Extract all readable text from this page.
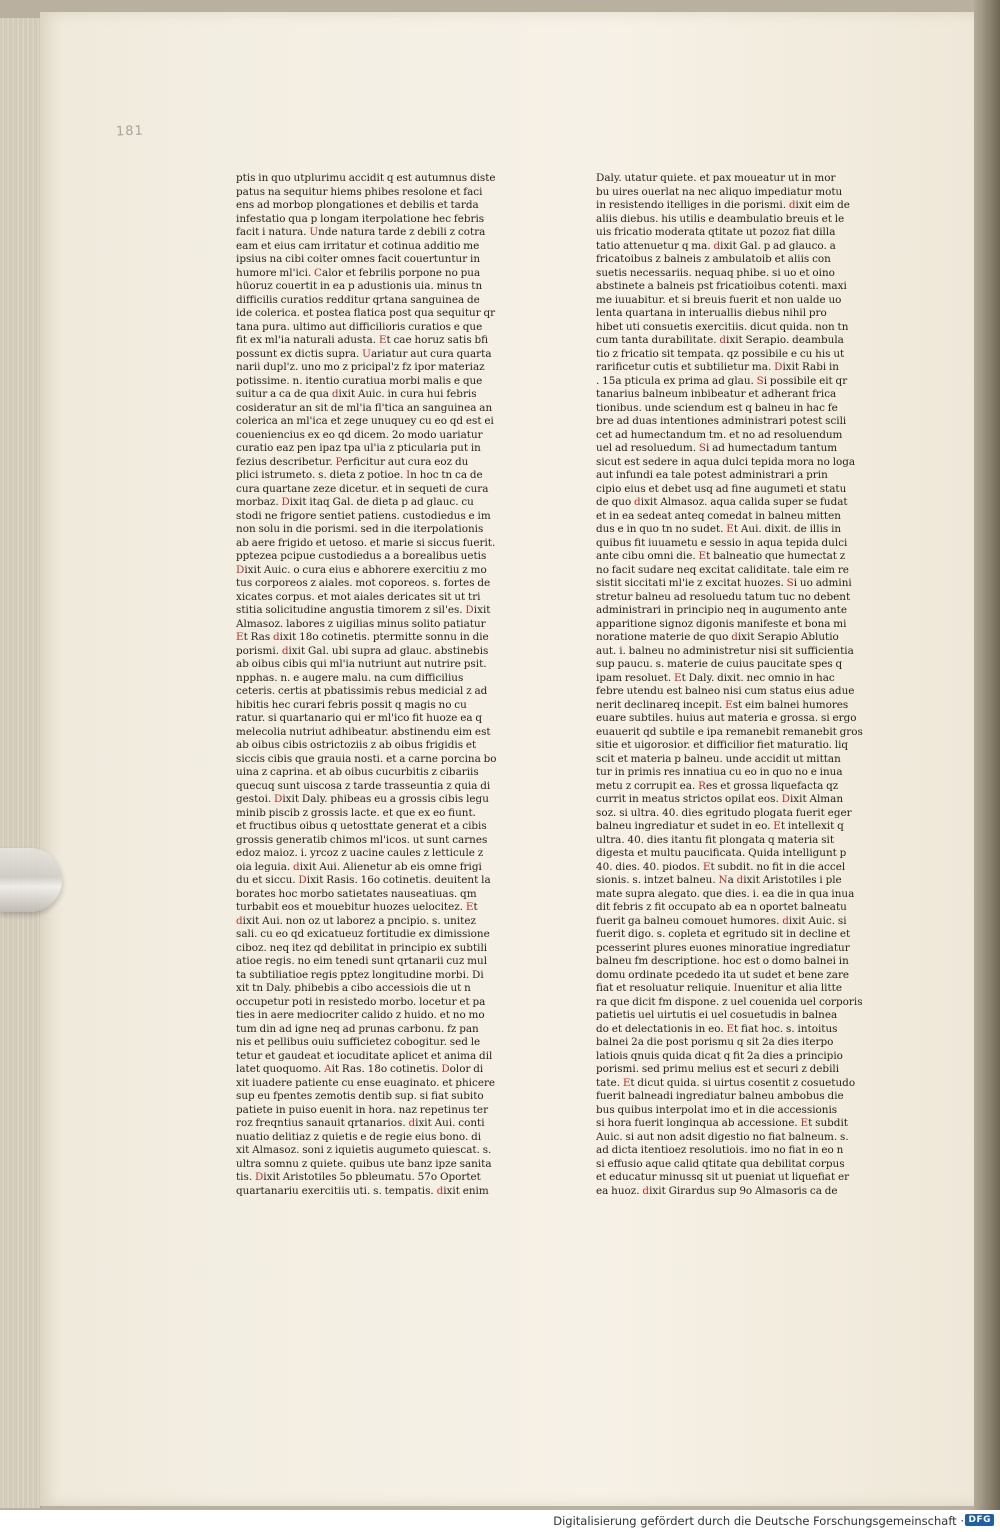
181
ptis in quo utplurimu accidit q est autumnus diste
patus na sequitur hiems phibes resolone et faci
ens ad morbop plongationes et debilis et tarda
infestatio qua p longam iterpolatione hec febris
facit i natura. Unde natura tarde z debili z cotra
eam et eius cam irritatur et cotinua additio me
ipsius na cibi coiter omnes facit couertuntur in
humore ml'ici. Calor et febrilis porpone no pua
hüoruz couertit in ea p adustionis uia. minus tn
difficilis curatios redditur qrtana sanguinea de
ide colerica. et postea flatica post qua sequitur qr
tana pura. ultimo aut difficilioris curatios e que
fit ex ml'ia naturali adusta. Et cae horuz satis bfi
possunt ex dictis supra. Uariatur aut cura quarta
narii dupl'z. uno mo z pricipal'z fz ipor materiaz
potissime. n. itentio curatiua morbi malis e que
suitur a ca de qua dixit Auic. in cura hui febris
cosideratur an sit de ml'ia fl'tica an sanguinea an
colerica an ml'ica et zege unuquey cu eo qd est ei
coueniencius ex eo qd dicem. 2o modo uariatur
curatio eaz pen ipaz tpa ul'ia z pticularia put in
fezius describetur. Perficitur aut cura eoz du
plici istrumeto. s. dieta z potioe. In hoc tn ca de
cura quartane zeze dicetur. et in sequeti de cura
morbaz. Dixit itaq Gal. de dieta p ad glauc. cu
stodi ne frigore sentiet patiens. custodiedus e im
non solu in die porismi. sed in die iterpolationis
ab aere frigido et uetoso. et marie si siccus fuerit.
pptezea pcipue custodiedus a a borealibus uetis
Dixit Auic. o cura eius e abhorere exercitiu z mo
tus corporeos z aiales. mot coporeos. s. fortes de
xicates corpus. et mot aiales dericates sit ut tri
stitia solicitudine angustia timorem z sil'es. Dixit
Almasoz. labores z uigilias minus solito patiatur
Et Ras dixit 18o cotinetis. ptermitte sonnu in die
porismi. dixit Gal. ubi supra ad glauc. abstinebis
ab oibus cibis qui ml'ia nutriunt aut nutrire psit.
npphas. n. e augere malu. na cum difficilius
ceteris. certis at pbatissimis rebus medicial z ad
hibitis hec curari febris possit q magis no cu
ratur. si quartanario qui er ml'ico fit huoze ea q
melecolia nutriut adhibeatur. abstinendu eim est
ab oibus cibis ostrictoziis z ab oibus frigidis et
siccis cibis que grauia nosti. et a carne porcina bo
uina z caprina. et ab oibus cucurbitis z cibariis
quecuq sunt uiscosa z tarde trasseuntia z quia di
gestoi. Dixit Daly. phibeas eu a grossis cibis legu
minib piscib z grossis lacte. et que ex eo fiunt.
et fructibus oibus q uetosttate generat et a cibis
grossis generatib chimos ml'icos. ut sunt carnes
edoz maioz. i. yrcoz z uacine caules z letticule z
oia leguia. dixit Aui. Alienetur ab eis omne frigi
du et siccu. Dixit Rasis. 16o cotinetis. deuitent la
borates hoc morbo satietates nauseatiuas. qm
turbabit eos et mouebitur huozes uelocitez. Et
dixit Aui. non oz ut laborez a pncipio. s. unitez
sali. cu eo qd exicatueuz fortitudie ex dimissione
ciboz. neq itez qd debilitat in principio ex subtili
atioe regis. no eim tenedi sunt qrtanarii cuz mul
ta subtiliatioe regis pptez longitudine morbi. Di
xit tn Daly. phibebis a cibo accessiois die ut n
occupetur poti in resistedo morbo. locetur et pa
ties in aere mediocriter calido z huido. et no mo
tum din ad igne neq ad prunas carbonu. fz pan
nis et pellibus ouiu sufficietez cobogitur. sed le
tetur et gaudeat et iocuditate aplicet et anima dil
latet quoquomo. Ait Ras. 18o cotinetis. Dolor di
xit iuadere patiente cu ense euaginato. et phicere
sup eu fpentes zemotis dentib sup. si fiat subito
patiete in puiso euenit in hora. naz repetinus ter
roz freqntius sanauit qrtanarios. dixit Aui. conti
nuatio delitiaz z quietis e de regie eius bono. di
xit Almasoz. soni z iquietis augumeto quiescat. s.
ultra somnu z quiete. quibus ute banz ipze sanita
tis. Dixit Aristotiles 5o pbleumatu. 57o Oportet
quartanariu exercitiis uti. s. tempatis. dixit enim
Daly. utatur quiete. et pax moueatur ut in mor
bu uires ouerlat na nec aliquo impediatur motu
in resistendo itelliges in die porismi. dixit eim de
aliis diebus. his utilis e deambulatio breuis et le
uis fricatio moderata qtitate ut pozoz fiat dilla
tatio attenuetur q ma. dixit Gal. p ad glauco. a
fricatoibus z balneis z ambulatoib et aliis con
suetis necessariis. nequaq phibe. si uo et oino
abstinete a balneis pst fricatioibus cotenti. maxi
me iuuabitur. et si breuis fuerit et non ualde uo
lenta quartana in interuallis diebus nihil pro
hibet uti consuetis exercitiis. dicut quida. non tn
cum tanta durabilitate. dixit Serapio. deambula
tio z fricatio sit tempata. qz possibile e cu his ut
rarificetur cutis et subtilietur ma. Dixit Rabi in
. 15a pticula ex prima ad glau. Si possibile eit qr
tanarius balneum inbibeatur et adherant frica
tionibus. unde sciendum est q balneu in hac fe
bre ad duas intentiones administrari potest scili
cet ad humectandum tm. et no ad resoluendum
uel ad resoluedum. Si ad humectadum tantum
sicut est sedere in aqua dulci tepida mora no loga
aut infundi ea tale potest administrari a prin
cipio eius et debet usq ad fine augumeti et statu
de quo dixit Almasoz. aqua calida super se fudat
et in ea sedeat anteq comedat in balneu mitten
dus e in quo tn no sudet. Et Aui. dixit. de illis in
quibus fit iuuametu e sessio in aqua tepida dulci
ante cibu omni die. Et balneatio que humectat z
no facit sudare neq excitat caliditate. tale eim re
sistit siccitati ml'ie z excitat huozes. Si uo admini
stretur balneu ad resoluedu tatum tuc no debent
administrari in principio neq in augumento ante
apparitione signoz digonis manifeste et bona mi
noratione materie de quo dixit Serapio Ablutio
aut. i. balneu no administretur nisi sit sufficientia
sup paucu. s. materie de cuius paucitate spes q
ipam resoluet. Et Daly. dixit. nec omnio in hac
febre utendu est balneo nisi cum status eius adue
nerit declinareq incepit. Est eim balnei humores
euare subtiles. huius aut materia e grossa. si ergo
euauerit qd subtile e ipa remanebit remanebit gros
sitie et uigorosior. et difficilior fiet maturatio. liq
scit et materia p balneu. unde accidit ut mittan
tur in primis res innatiua cu eo in quo no e inua
metu z corrupit ea. Res et grossa liquefacta qz
currit in meatus strictos opilat eos. Dixit Alman
soz. si ultra. 40. dies egritudo plogata fuerit eger
balneu ingrediatur et sudet in eo. Et intellexit q
ultra. 40. dies itantu fit plongata q materia sit
digesta et multu paucificata. Quida intelligunt p
40. dies. 40. piodos. Et subdit. no fit in die accel
sionis. s. intzet balneu. Na dixit Aristotiles i ple
mate supra alegato. que dies. i. ea die in qua inua
dit febris z fit occupato ab ea n oportet balneatu
fuerit ga balneu comouet humores. dixit Auic. si
fuerit digo. s. copleta et egritudo sit in decline et
pcesserint plures euones minoratiue ingrediatur
balneu fm descriptione. hoc est o domo balnei in
domu ordinate pcededo ita ut sudet et bene zare
fiat et resoluatur reliquie. Inuenitur et alia litte
ra que dicit fm dispone. z uel couenida uel corporis
patietis uel uirtutis ei uel cosuetudis in balnea
do et delectationis in eo. Et fiat hoc. s. intoitus
balnei 2a die post porismu q sit 2a dies iterpo
latiois qnuis quida dicat q fit 2a dies a principio
porismi. sed primu melius est et securi z debili
tate. Et dicut quida. si uirtus cosentit z cosuetudo
fuerit balneadi ingrediatur balneu ambobus die
bus quibus interpolat imo et in die accessionis
si hora fuerit longinqua ab accessione. Et subdit
Auic. si aut non adsit digestio no fiat balneum. s.
ad dicta itentioez resolutiois. imo no fiat in eo n
si effusio aque calid qtitate qua debilitat corpus
et educatur minussq sit ut pueniat ut liquefiat er
ea huoz. dixit Girardus sup 9o Almasoris ca de
Digitalisierung gefördert durch die Deutsche Forschungsgemeinschaft · DFG
